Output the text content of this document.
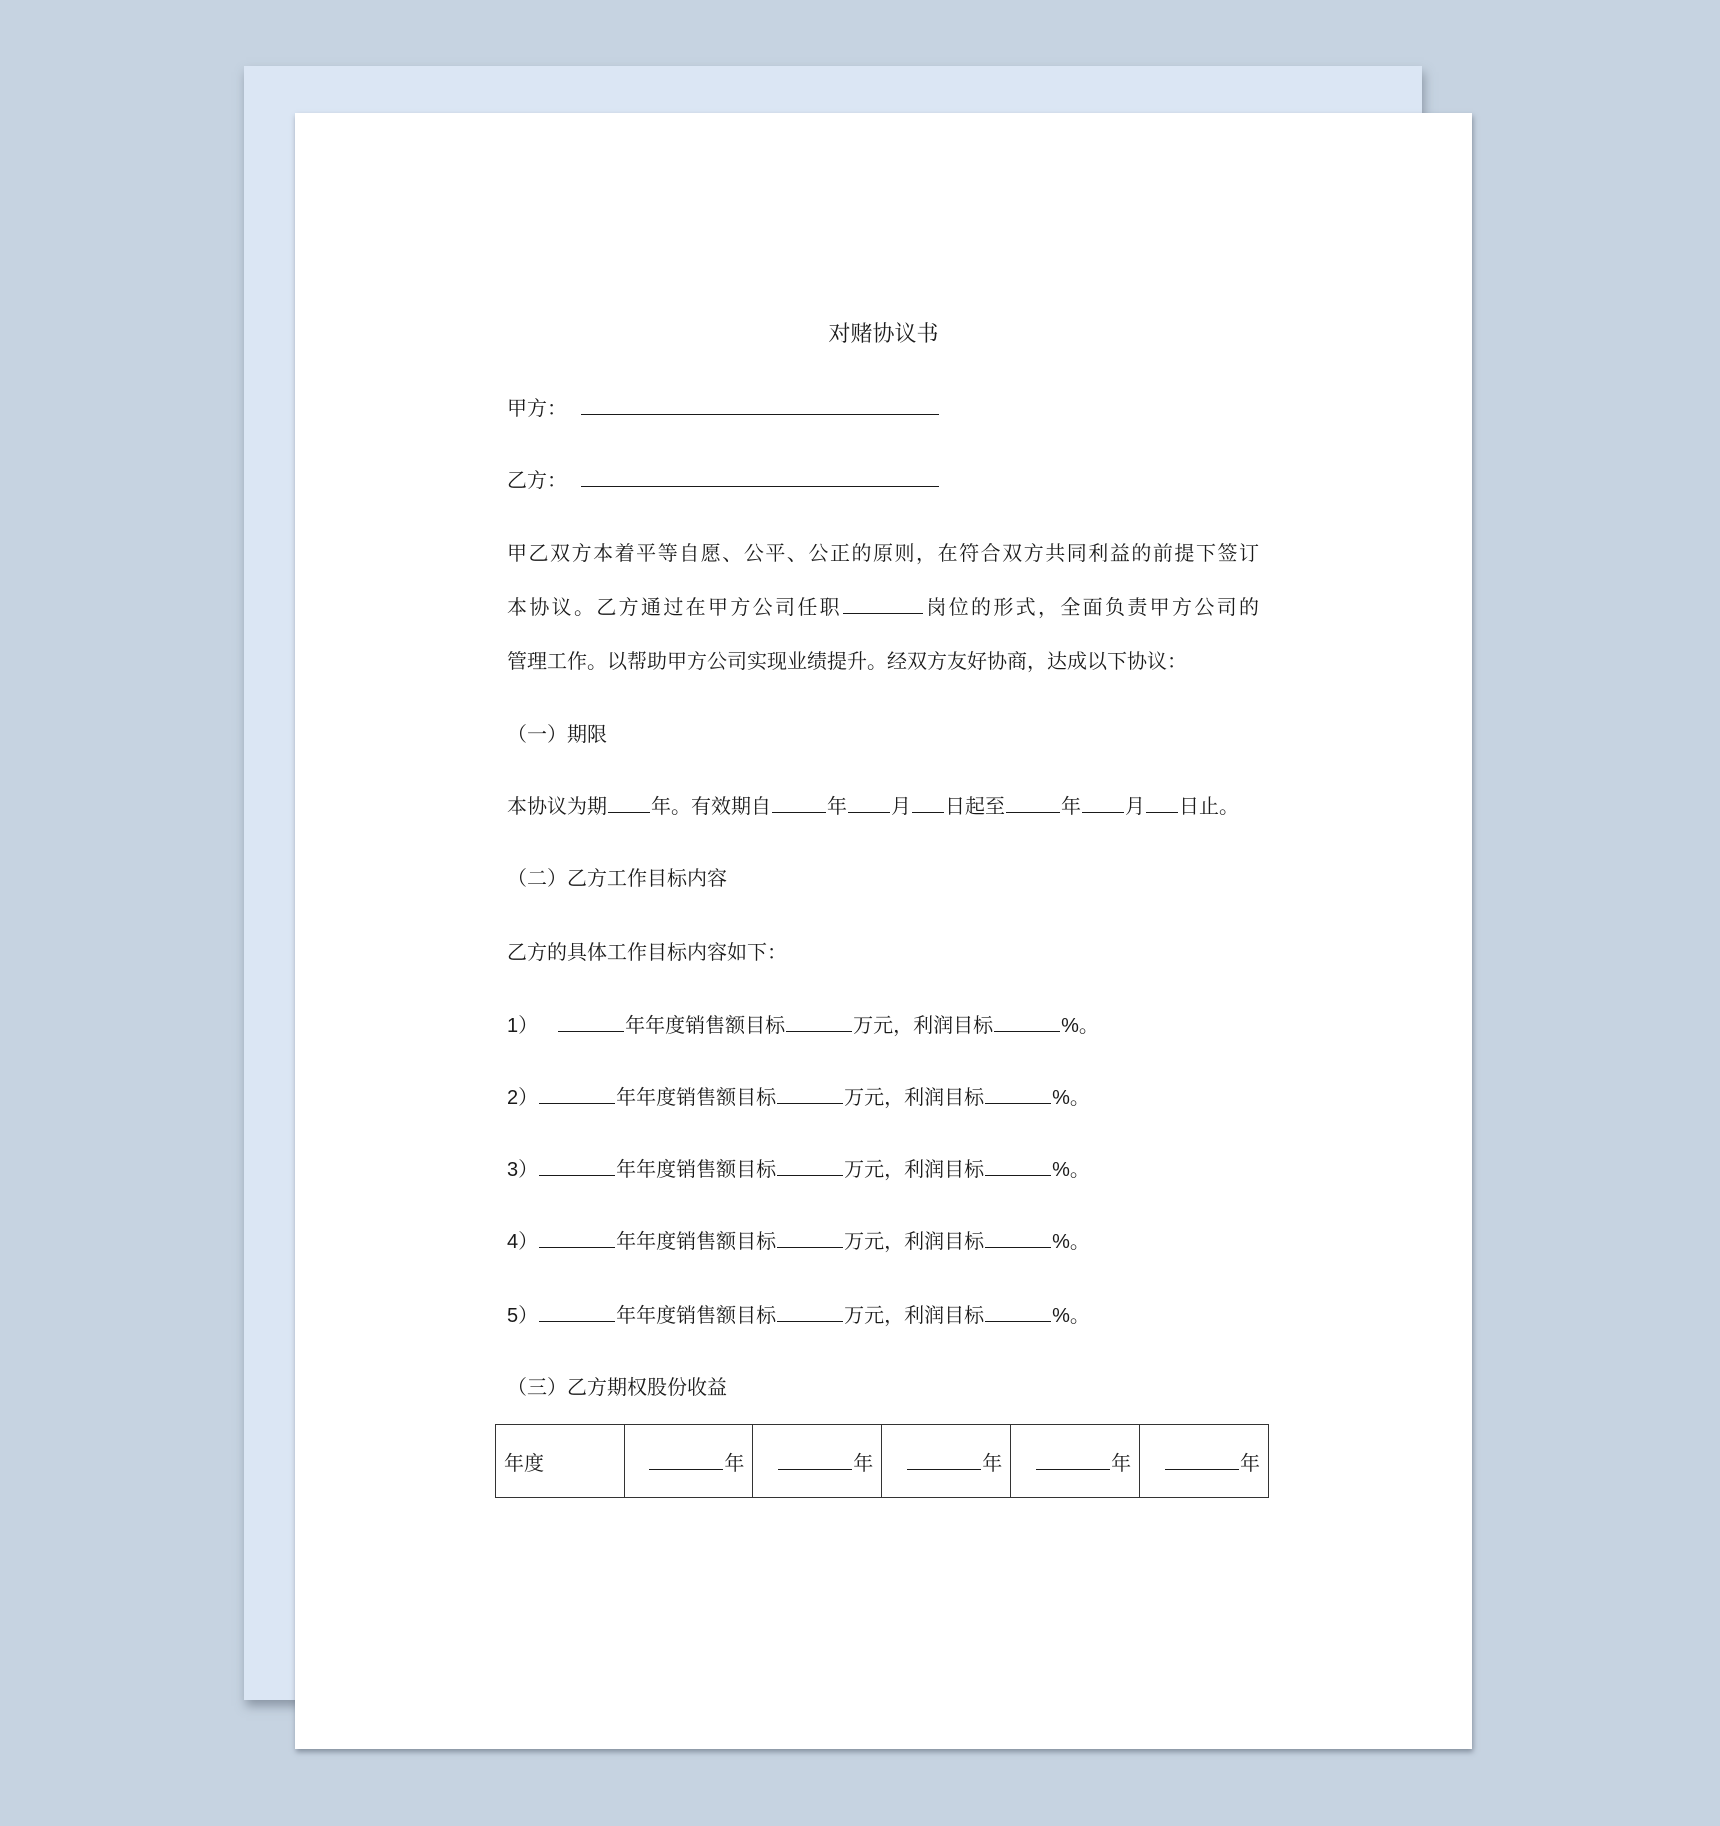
对赌协议书
甲方：
乙方：
甲乙双方本着平等自愿、公平、公正的原则，在符合双方共同利益的前提下签订
本协议。乙方通过在甲方公司任职	岗位的形式，全面负责甲方公司的
管理工作。以帮助甲方公司实现业绩提升。经双方友好协商，达成以下协议：
（一）期限
本协议为期 年。有效期自	年 月 日起至	年 月 日止。
（二）乙方工作目标内容
乙方的具体工作目标内容如下：
1）	年年度销售额目标	万元，利润目标	%。
2）	年年度销售额目标	万元，利润目标	%。
3）	年年度销售额目标	万元，利润目标	%。
4）	年年度销售额目标	万元，利润目标	%。
5）	年年度销售额目标	万元，利润目标	%。
（三）乙方期权股份收益
年度	年	年	年	年	年
